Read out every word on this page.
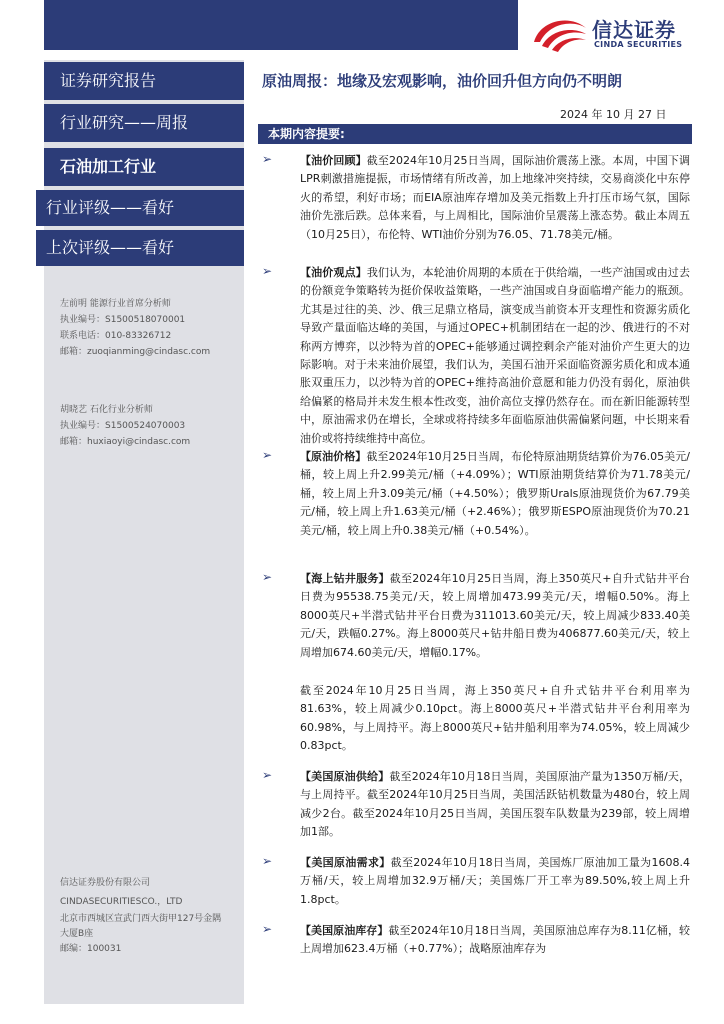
信达证券
CINDA SECURITIES
证券研究报告
行业研究——周报
石油加工行业
行业评级——看好
上次评级——看好
左前明 能源行业首席分析师
执业编号：S1500518070001
联系电话：010-83326712
邮箱：zuoqianming@cindasc.com
胡晓艺 石化行业分析师
执业编号：S1500524070003
邮箱：huxiaoyi@cindasc.com
信达证券股份有限公司
CINDASECURITIESCO.，LTD
北京市西城区宣武门西大街甲127号金隅
大厦B座
邮编：100031
原油周报：地缘及宏观影响，油价回升但方向仍不明朗
2024 年 10 月 27 日
本期内容提要:
➢	【油价回顾】截至2024年10月25日当周，国际油价震荡上涨。本周，中国下调LPR刺激措施提振，市场情绪有所改善，加上地缘冲突持续，交易商淡化中东停火的希望，利好市场；而EIA原油库存增加及美元指数上升打压市场气氛，国际油价先涨后跌。总体来看，与上周相比，国际油价呈震荡上涨态势。截止本周五（10月25日），布伦特、WTI油价分别为76.05、71.78美元/桶。
➢	【油价观点】我们认为，本轮油价周期的本质在于供给端，一些产油国或由过去的份额竞争策略转为挺价保收益策略，一些产油国或自身面临增产能力的瓶颈。尤其是过往的美、沙、俄三足鼎立格局，演变成当前资本开支理性和资源劣质化导致产量面临达峰的美国，与通过OPEC+机制团结在一起的沙、俄进行的不对称两方博弈，以沙特为首的OPEC+能够通过调控剩余产能对油价产生更大的边际影响。对于未来油价展望，我们认为，美国石油开采面临资源劣质化和成本通胀双重压力，以沙特为首的OPEC+维持高油价意愿和能力仍没有弱化，原油供给偏紧的格局并未发生根本性改变，油价高位支撑仍然存在。而在新旧能源转型中，原油需求仍在增长，全球或将持续多年面临原油供需偏紧问题，中长期来看油价或将持续维持中高位。
➢	【原油价格】截至2024年10月25日当周，布伦特原油期货结算价为76.05美元/桶，较上周上升2.99美元/桶（+4.09%）；WTI原油期货结算价为71.78美元/桶，较上周上升3.09美元/桶（+4.50%）；俄罗斯Urals原油现货价为67.79美元/桶，较上周上升1.63美元/桶（+2.46%）；俄罗斯ESPO原油现货价为70.21美元/桶，较上周上升0.38美元/桶（+0.54%）。
➢	【海上钻井服务】截至2024年10月25日当周，海上350英尺+自升式钻井平台日费为95538.75美元/天，较上周增加473.99美元/天，增幅0.50%。海上8000英尺+半潜式钻井平台日费为311013.60美元/天，较上周减少833.40美元/天，跌幅0.27%。海上8000英尺+钻井船日费为406877.60美元/天，较上周增加674.60美元/天，增幅0.17%。
截至2024年10月25日当周，海上350英尺+自升式钻井平台利用率为81.63%，较上周减少0.10pct。海上8000英尺+半潜式钻井平台利用率为60.98%，与上周持平。海上8000英尺+钻井船利用率为74.05%，较上周减少0.83pct。
➢	【美国原油供给】截至2024年10月18日当周，美国原油产量为1350万桶/天，与上周持平。截至2024年10月25日当周，美国活跃钻机数量为480台，较上周减少2台。截至2024年10月25日当周，美国压裂车队数量为239部，较上周增加1部。
➢	【美国原油需求】截至2024年10月18日当周，美国炼厂原油加工量为1608.4万桶/天，较上周增加32.9万桶/天；美国炼厂开工率为89.50%,较上周上升1.8pct。
➢	【美国原油库存】截至2024年10月18日当周，美国原油总库存为8.11亿桶，较上周增加623.4万桶（+0.77%）；战略原油库存为
